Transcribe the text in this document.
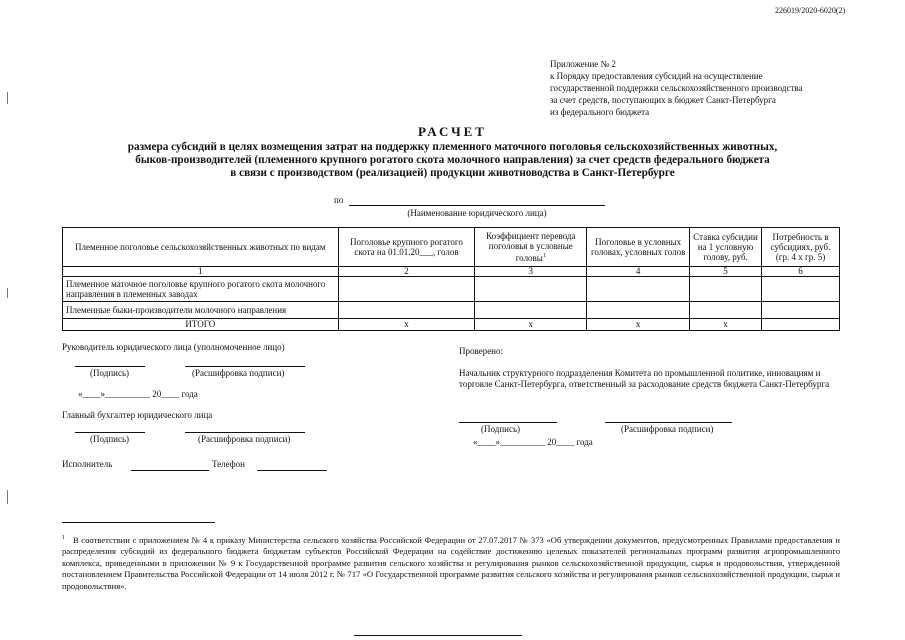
226019/2020-6020(2)
Приложение № 2
к Порядку предоставления субсидий на осуществление
государственной поддержки сельскохозяйственного производства
за счет средств, поступающих в бюджет Санкт-Петербурга
из федерального бюджета
РАСЧЕТ
размера субсидий в целях возмещения затрат на поддержку племенного маточного поголовья сельскохозяйственных животных,
быков-производителей (племенного крупного рогатого скота молочного направления) за счет средств федерального бюджета
в связи с производством (реализацией) продукции животноводства в Санкт-Петербурге
по
(Наименование юридического лица)
Племенное поголовье сельскохозяйственных животных по видам	Поголовье крупного рогатого скота на 01.01.20___, голов	Коэффициент перевода поголовья в условные головы$^1$	Поголовье в условных головах, условных голов	Ставка субсидии на 1 условную голову, руб.	Потребность в субсидиях, руб. (гр. 4 х гр. 5)
1	2	3	4	5	6
Племенное маточное поголовье крупного рогатого скота молочного направления в племенных заводах					
Племенные быки-производители молочного направления					
ИТОГО	x	x	x	x	
Руководитель юридического лица (уполномоченное лицо)
(Подпись)	(Расшифровка подписи)
«____»__________ 20____ года
Главный бухгалтер юридического лица
(Подпись)	(Расшифровка подписи)
Исполнитель	Телефон
Проверено:
Начальник структурного подразделения Комитета по промышленной политике, инновациям и торговле Санкт-Петербурга, ответственный за расходование средств бюджета Санкт-Петербурга
(Подпись)	(Расшифровка подписи)
«____»__________ 20____ года
$^1$ В соответствии с приложением № 4 к приказу Министерства сельского хозяйства Российской Федерации от 27.07.2017 № 373 «Об утверждении документов, предусмотренных Правилами предоставления и распределения субсидий из федерального бюджета бюджетам субъектов Российской Федерации на содействие достижению целевых показателей региональных программ развития агропромышленного комплекса, приведенными в приложении № 9 к Государственной программе развития сельского хозяйства и регулирования рынков сельскохозяйственной продукции, сырья и продовольствия, утвержденной постановлением Правительства Российской Федерации от 14 июля 2012 г. № 717 «О Государственной программе развития сельского хозяйства и регулирования рынков сельскохозяйственной продукции, сырья и продовольствия».
